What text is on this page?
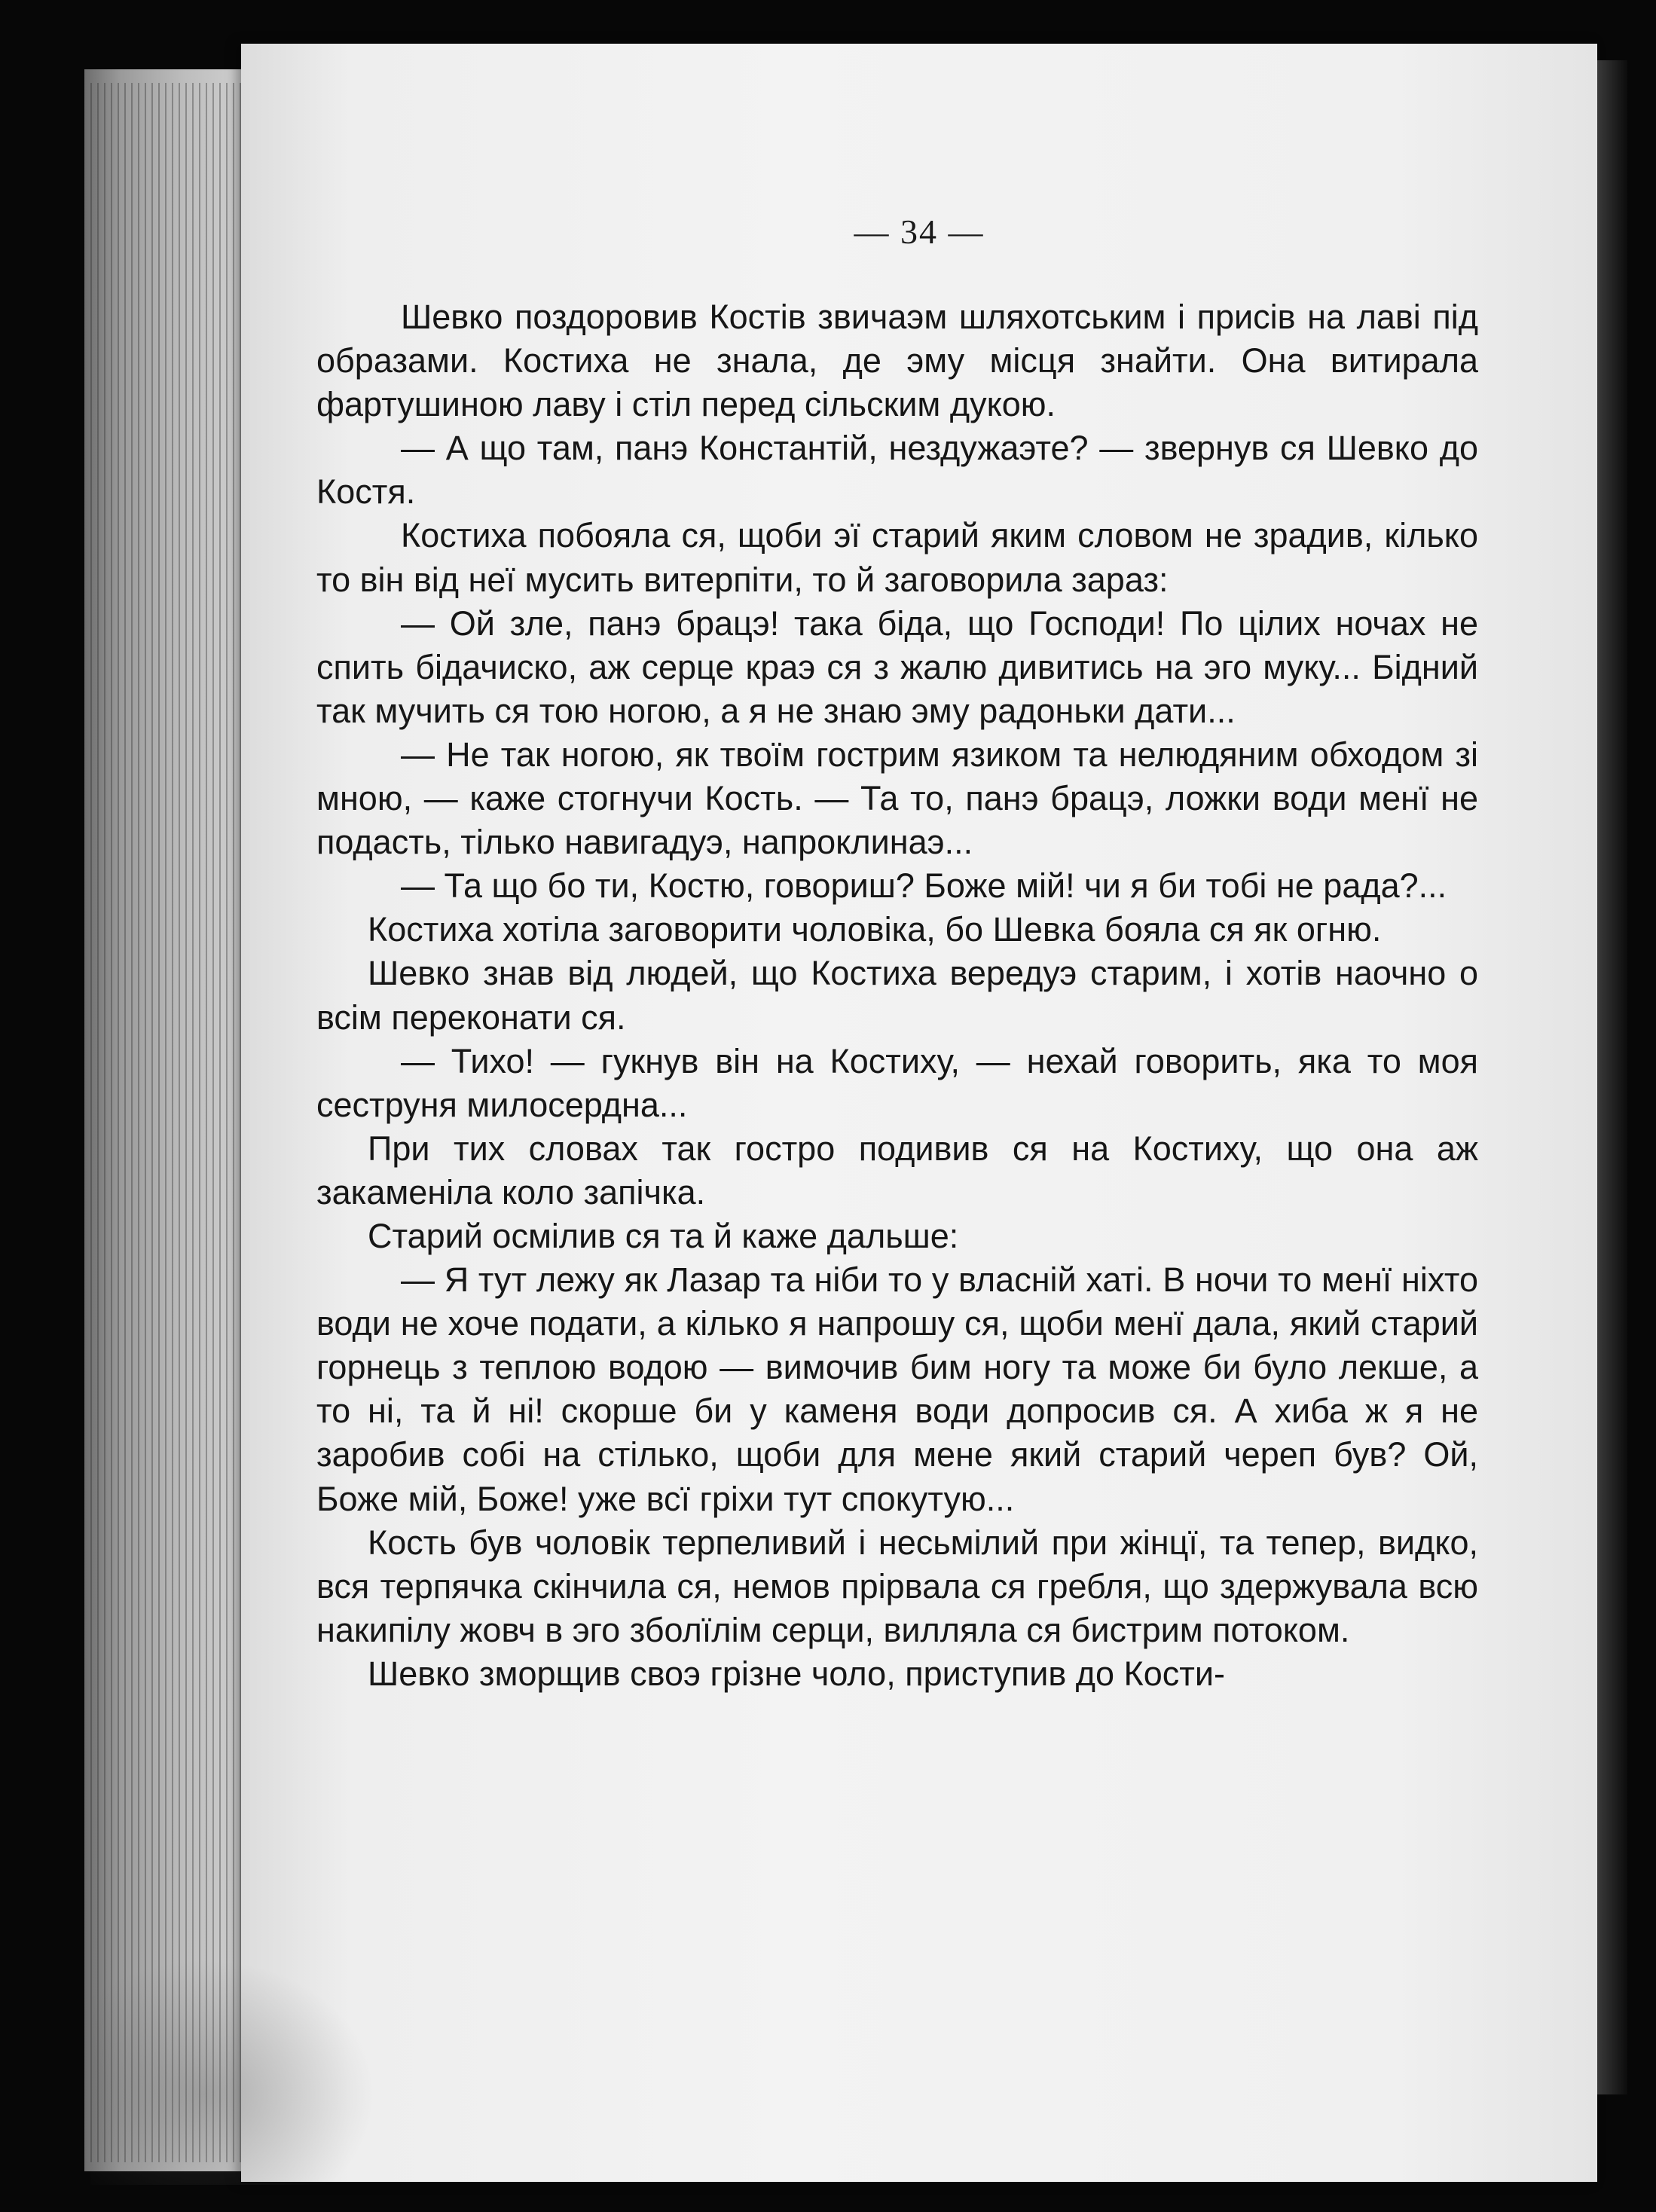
— 34 —

Шевко поздоровив Костів звичаэм шляхотським і присів на лаві під образами. Костиха не знала, де эму місця знайти. Она витирала фартушиною лаву і стіл перед сільским дукою.

— А що там, панэ Константій, нездужаэте? — звернув ся Шевко до Костя.

Костиха побояла ся, щоби эї старий яким словом не зрадив, кілько то він від неї мусить витерпіти, то й заговорила зараз:

— Ой зле, панэ брацэ! така біда, що Господи! По цілих ночах не спить бідачиско, аж серце краэ ся з жалю дивитись на эго муку... Бідний так мучить ся тою ногою, а я не знаю эму радоньки дати...

— Не так ногою, як твоїм гострим язиком та нелюдяним обходом зі мною, — каже стогнучи Кость. — Та то, панэ брацэ, ложки води менї не подасть, тілько навигадуэ, напроклинаэ...

— Та що бо ти, Костю, говориш? Боже мій! чи я би тобі не рада?...

Костиха хотіла заговорити чоловіка, бо Шевка бояла ся як огню.

Шевко знав від людей, що Костиха вередуэ старим, і хотів наочно о всім переконати ся.

— Тихо! — гукнув він на Костиху, — нехай говорить, яка то моя сеструня милосердна...

При тих словах так гостро подивив ся на Костиху, що она аж закаменіла коло запічка.

Старий осмілив ся та й каже дальше:

— Я тут лежу як Лазар та ніби то у власній хаті. В ночи то менї ніхто води не хоче подати, а кілько я напрошу ся, щоби менї дала, який старий горнець з теплою водою — вимочив бим ногу та може би було лекше, а то ні, та й ні! скорше би у каменя води допросив ся. А хиба ж я не заробив собі на стілько, щоби для мене який старий череп був? Ой, Боже мій, Боже! уже всї гріхи тут спокутую...

Кость був чоловік терпеливий і несьмілий при жінцї, та тепер, видко, вся терпячка скінчила ся, немов прірвала ся гребля, що здержувала всю накипілу жовч в эго зболїлім серци, вилляла ся бистрим потоком.

Шевко зморщив своэ грізне чоло, приступив до Кости-
